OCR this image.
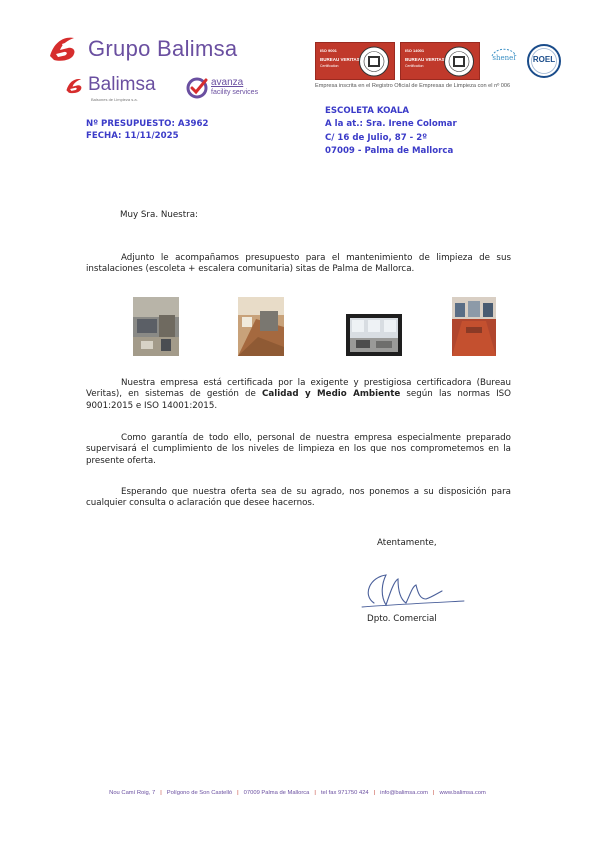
Grupo Balimsa
Balimsa
Balsones de Limpieza s.a.
avanza
facility services
ISO 9001
BUREAU VERITAS
Certification
ISO 14001
BUREAU VERITAS
Certification
shenel	ROEL
Empresa inscrita en el Registro Oficial de Empresas de Limpieza con el nº 006
Nº PRESUPUESTO: A3962
FECHA: 11/11/2025
ESCOLETA KOALA
A la at.: Sra. Irene Colomar
C/ 16 de Julio, 87 - 2º
07009 - Palma de Mallorca
Muy Sra. Nuestra:
Adjunto le acompañamos presupuesto para el mantenimiento de limpieza de sus instalaciones (escoleta + escalera comunitaria) sitas de Palma de Mallorca.
Nuestra empresa está certificada por la exigente y prestigiosa certificadora (Bureau Veritas), en sistemas de gestión de Calidad y Medio Ambiente según las normas ISO 9001:2015 e ISO 14001:2015.
Como garantía de todo ello, personal de nuestra empresa especialmente preparado supervisará el cumplimiento de los niveles de limpieza en los que nos comprometemos en la presente oferta.
Esperando que nuestra oferta sea de su agrado, nos ponemos a su disposición para cualquier consulta o aclaración que desee hacernos.
Atentamente,
Dpto. Comercial
Nou Camí Roig, 7 | Polígono de Son Castelló | 07009 Palma de Mallorca | tel fax 971750 424 | info@balimsa.com | www.balimsa.com
